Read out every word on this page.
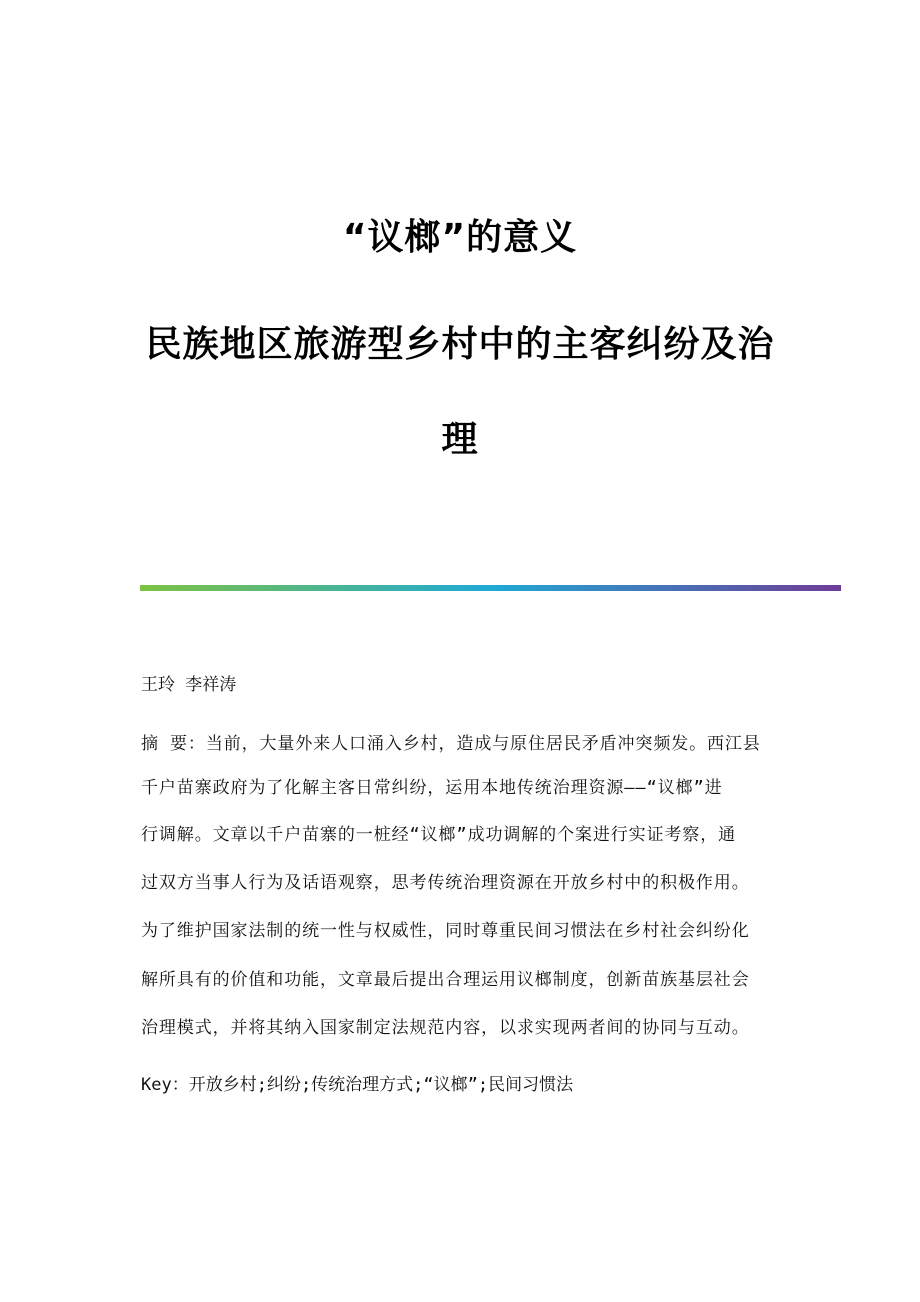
“议榔”的意义
民族地区旅游型乡村中的主客纠纷及治
理

王玲 李祥涛

摘 要：当前，大量外来人口涌入乡村，造成与原住居民矛盾冲突频发。西江县

千户苗寨政府为了化解主客日常纠纷，运用本地传统治理资源——“议榔”进

行调解。文章以千户苗寨的一桩经“议榔”成功调解的个案进行实证考察，通

过双方当事人行为及话语观察，思考传统治理资源在开放乡村中的积极作用。

为了维护国家法制的统一性与权威性，同时尊重民间习惯法在乡村社会纠纷化

解所具有的价值和功能，文章最后提出合理运用议榔制度，创新苗族基层社会

治理模式，并将其纳入国家制定法规范内容，以求实现两者间的协同与互动。

Key：开放乡村;纠纷;传统治理方式;“议榔”;民间习惯法
